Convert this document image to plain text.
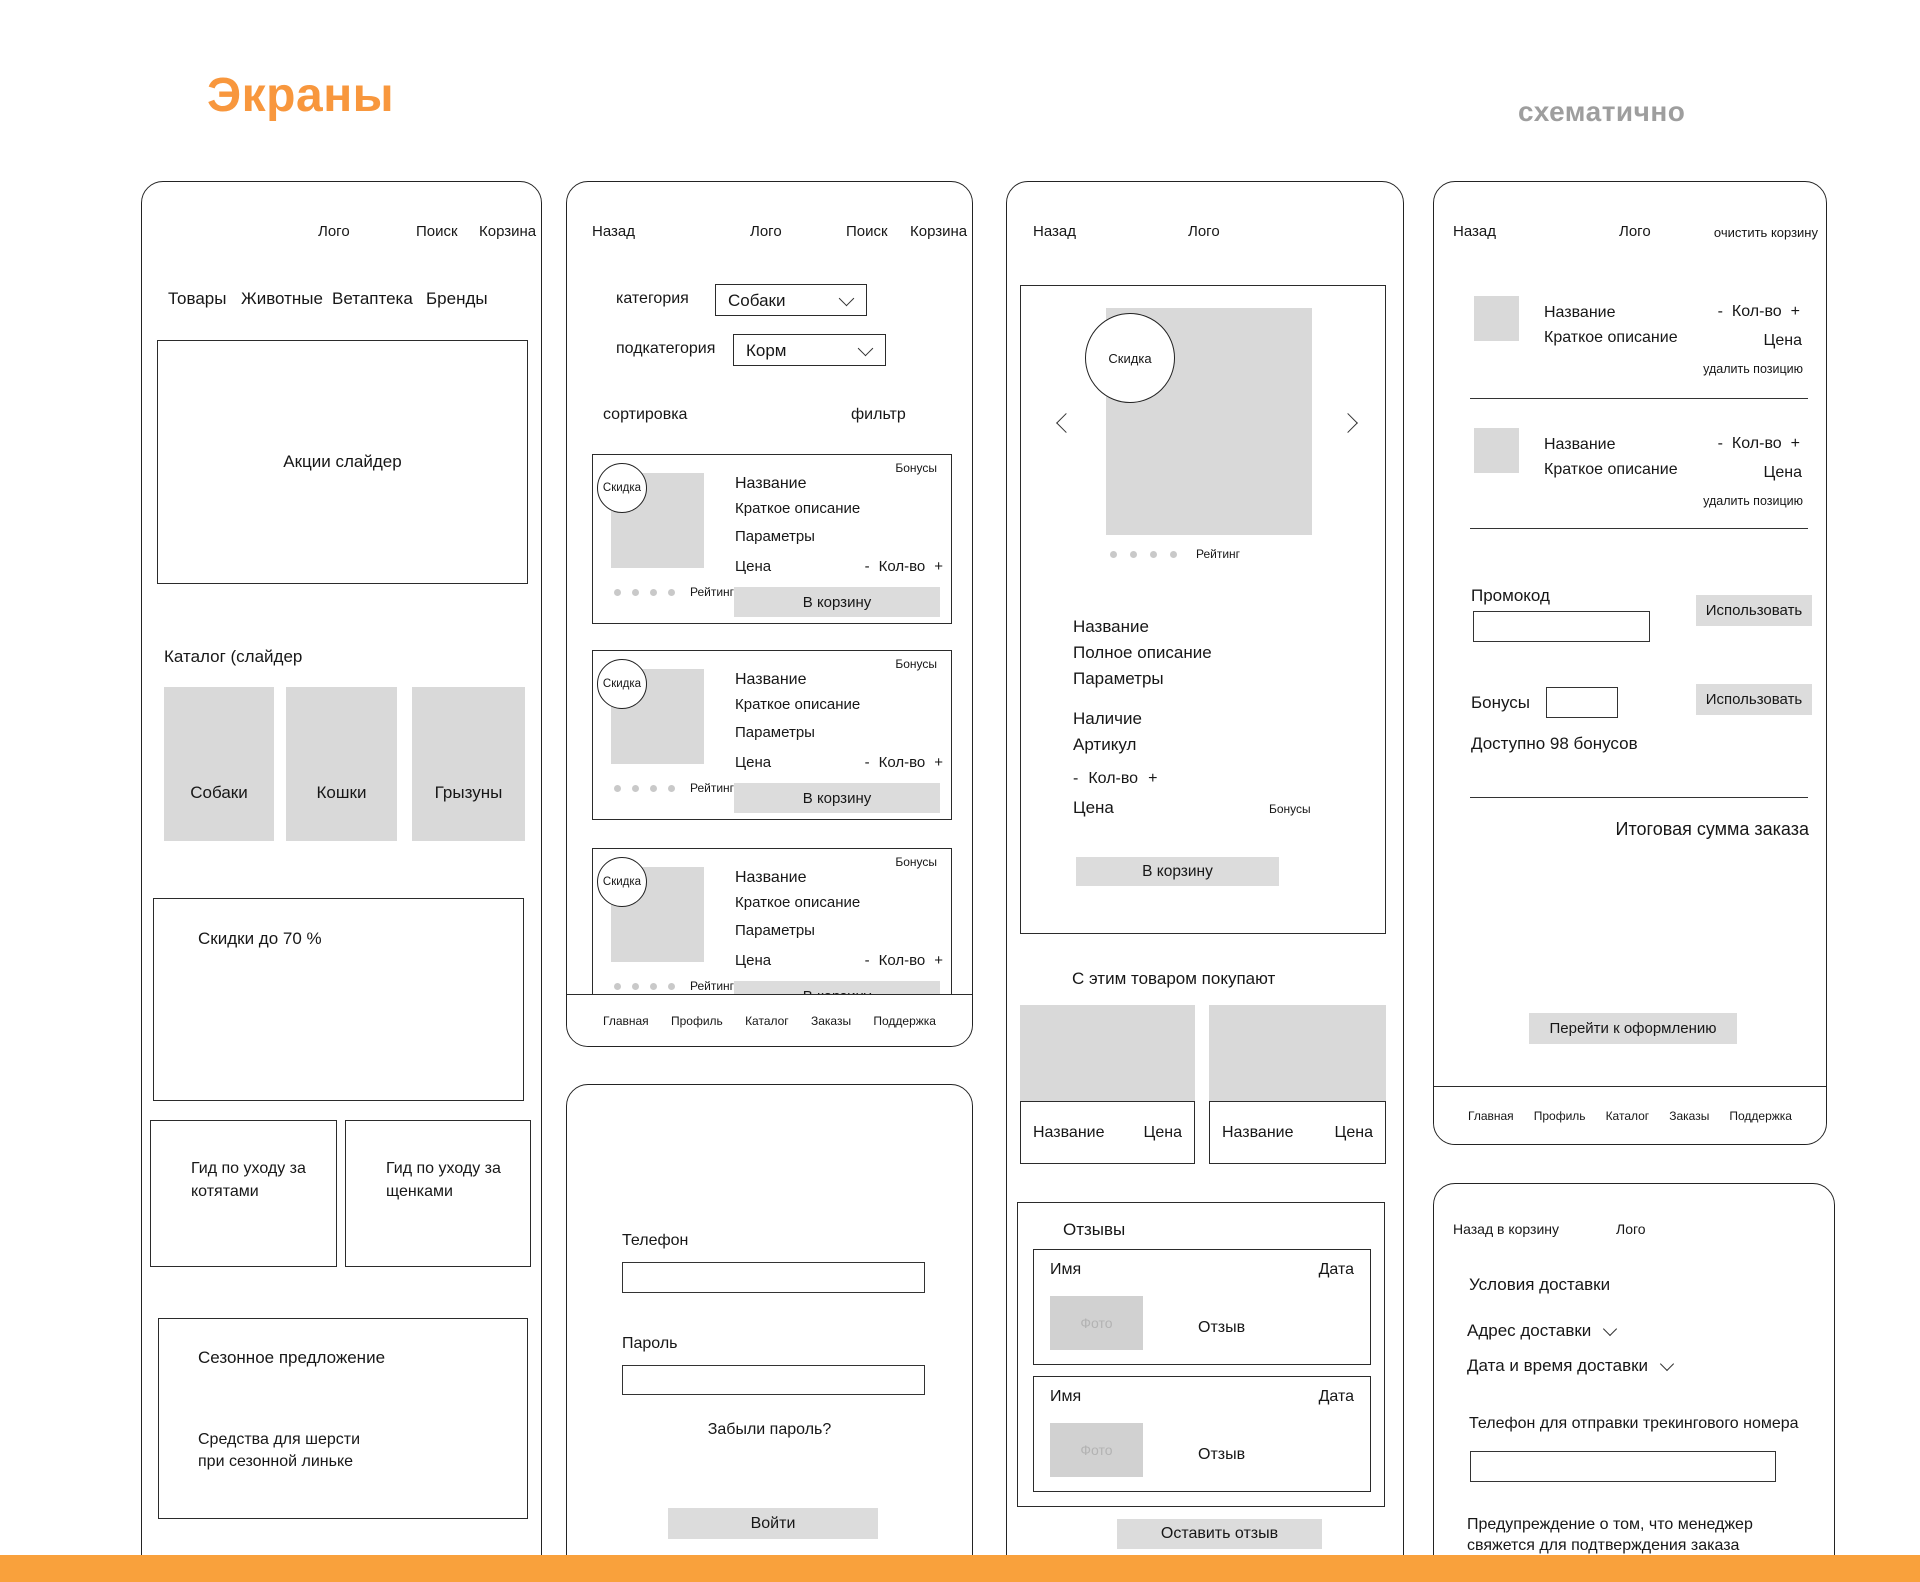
Экраны	схематично
Лого	Поиск Корзина
Товары Животные Ветаптека Бренды
Акции слайдер
Каталог (слайдер
Собаки	Кошки	Грызуны
Скидки до 70 %
Гид по уходу за котятами
Гид по уходу за щенками
Сезонное предложение
Средства для шерсти
при сезонной линьке
Назад	Лого	Поиск Корзина
категория Собаки
подкатегория Корм
сортировка	фильтр
Бонусы
Скидка	Название
Краткое описание
Параметры
Цена	- Кол-во +
Рейтинг
В корзину
Бонусы
Скидка	Название
Краткое описание
Параметры
Цена	- Кол-во +
Рейтинг
В корзину
Бонусы
Скидка	Название
Краткое описание
Параметры
Цена	- Кол-во +
Рейтинг
Главная Профиль Каталог Заказы Поддержка
Телефон
Пароль
Забыли пароль?
Войти
Назад	Лого
Скидка
Рейтинг
Название
Полное описание
Параметры
Наличие
Артикул
- Кол-во +
Цена	Бонусы
В корзину
С этим товаром покупают
Название Цена	Название	Цена
Отзывы
Имя	Дата
Фото	Отзыв
Имя	Дата
Фото	Отзыв
Оставить отзыв
Назад	Лого	очистить корзину
Название
Краткое описание
- Кол-во +
Цена
удалить позицию
Название
Краткое описание
- Кол-во +
Цена
удалить позицию
Промокод
Использовать
Бонусы	Использовать
Доступно 98 бонусов
Итоговая сумма заказа
Перейти к оформлению
Главная Профиль Каталог Заказы Поддержка
Назад в корзину	Лого
Условия доставки
Адрес доставки
Дата и время доставки
Телефон для отправки трекингового номера
Предупреждение о том, что менеджер
свяжется для подтверждения заказа
